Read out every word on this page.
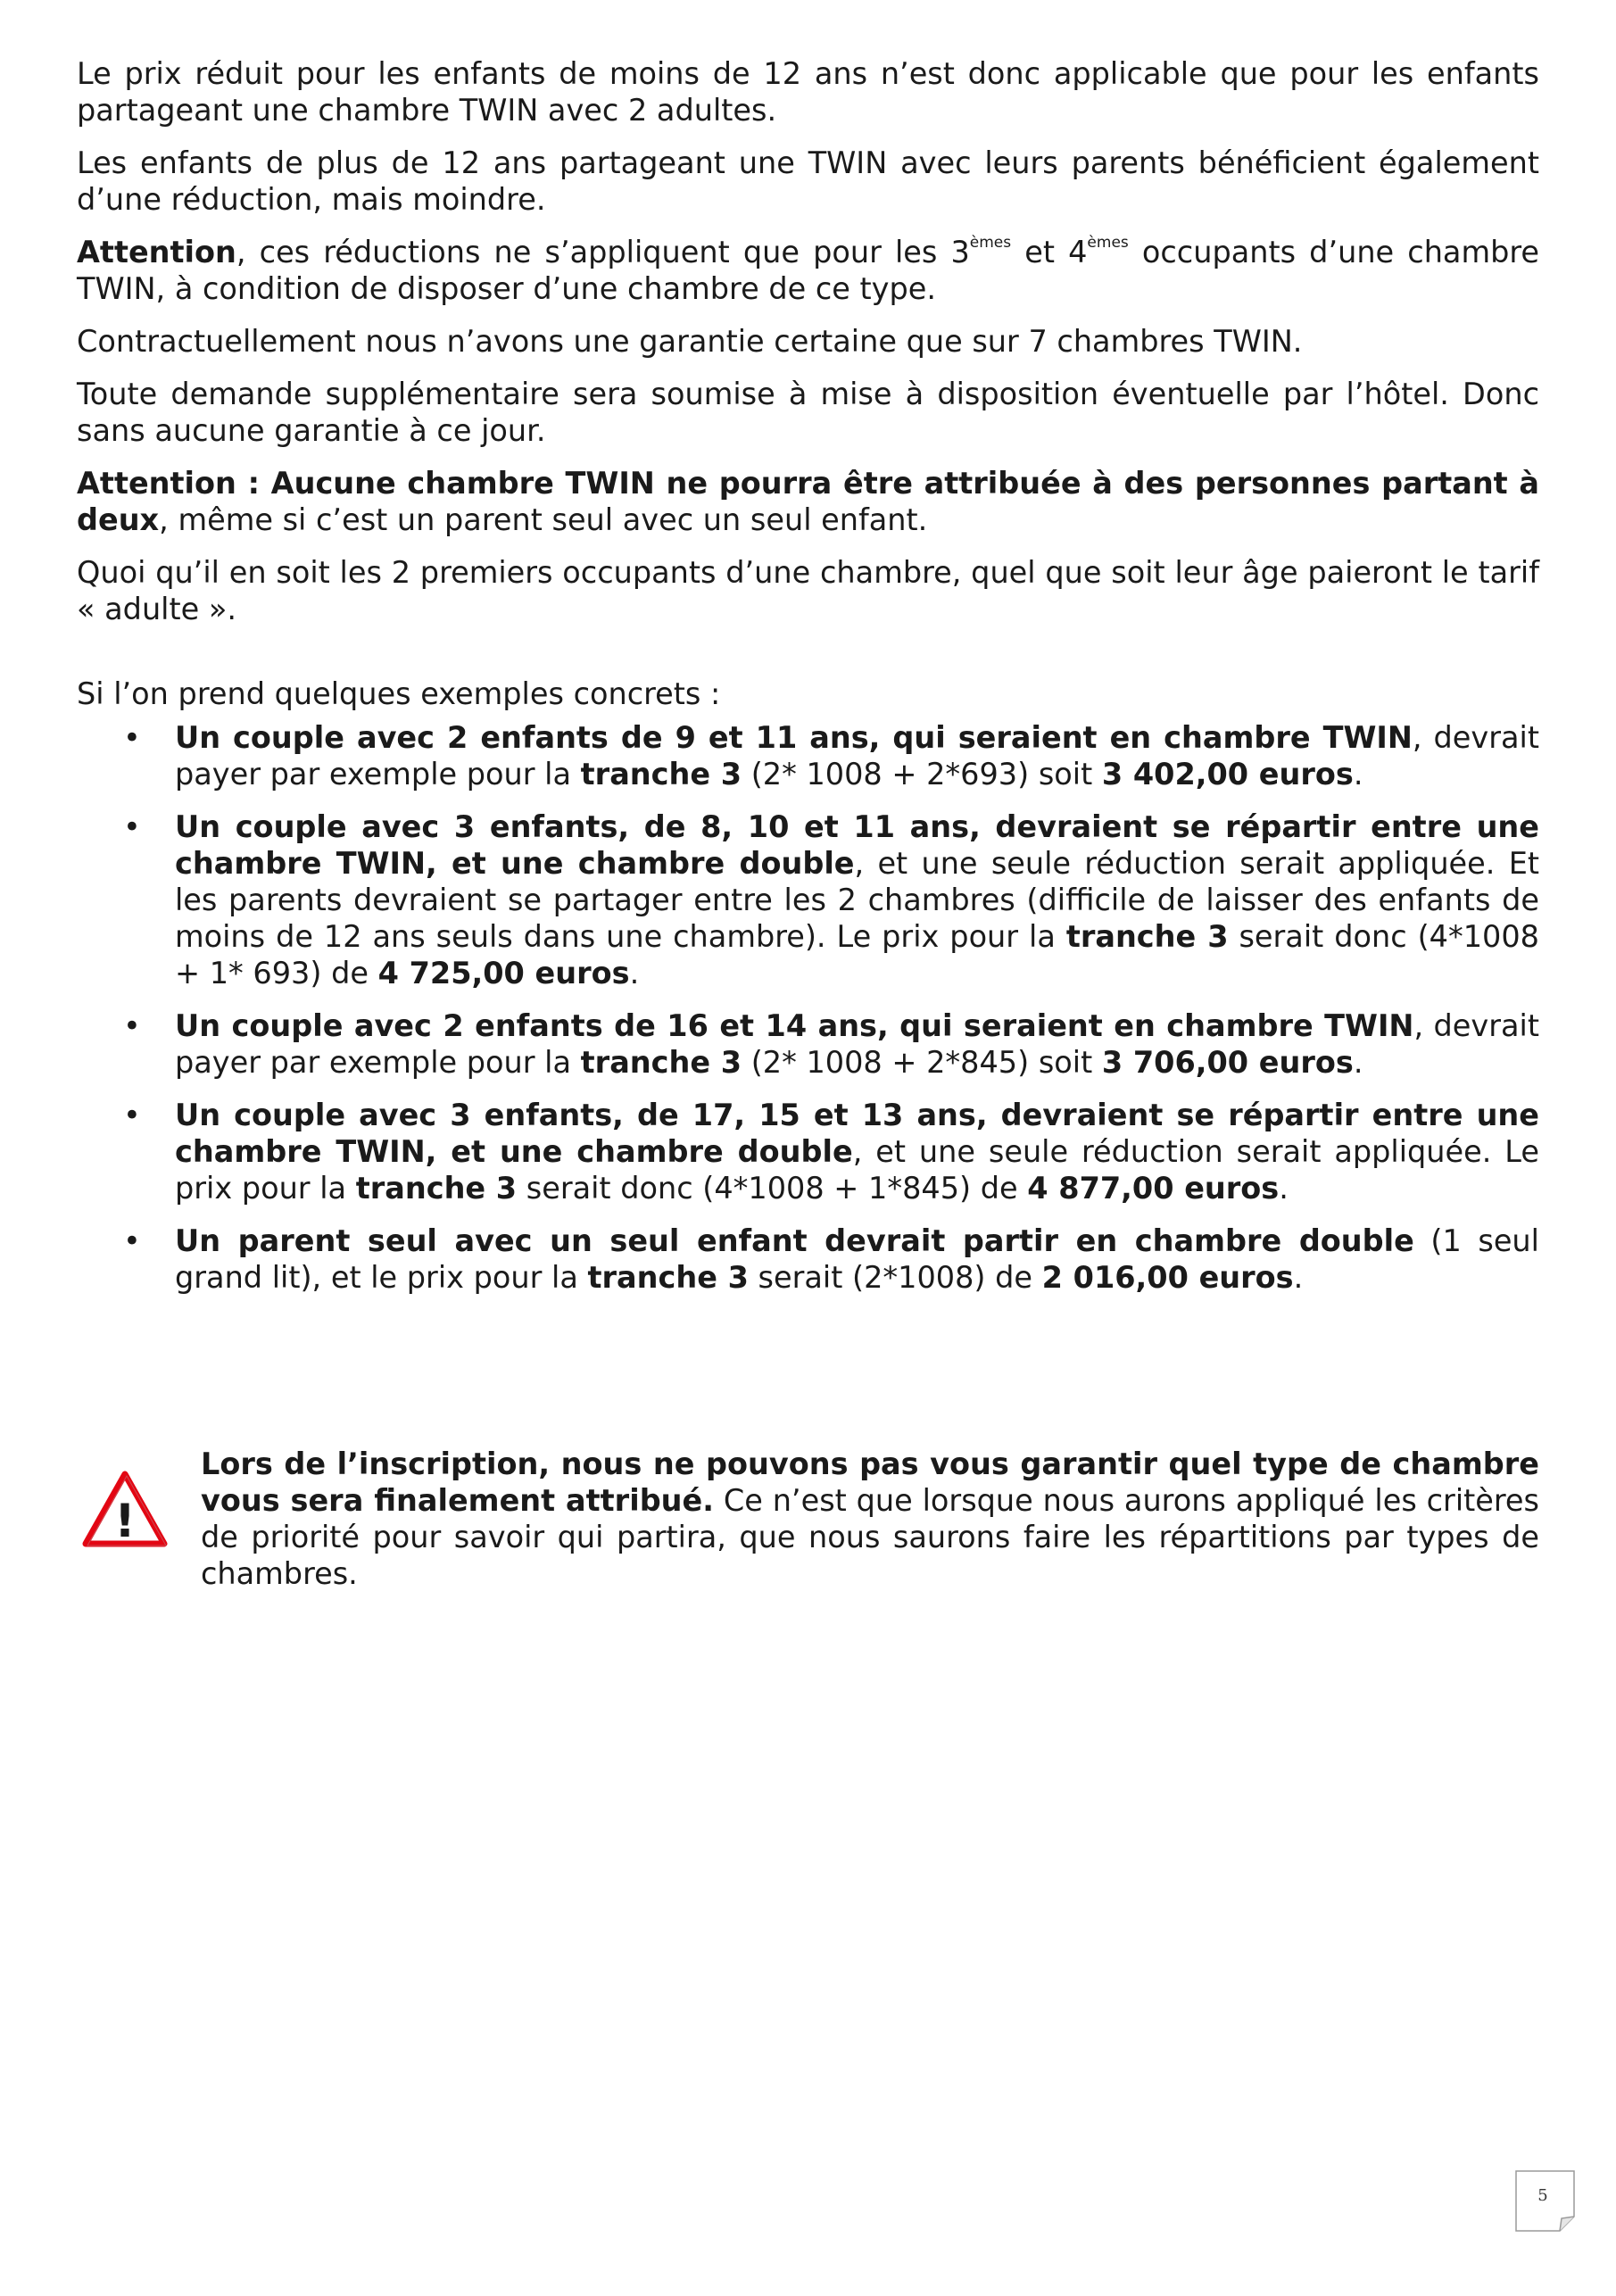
Le prix réduit pour les enfants de moins de 12 ans n’est donc applicable que pour les enfants partageant une chambre TWIN avec 2 adultes.

Les enfants de plus de 12 ans partageant une TWIN avec leurs parents bénéficient également d’une réduction, mais moindre.

Attention, ces réductions ne s’appliquent que pour les 3èmes et 4èmes occupants d’une chambre TWIN, à condition de disposer d’une chambre de ce type.

Contractuellement nous n’avons une garantie certaine que sur 7 chambres TWIN.

Toute demande supplémentaire sera soumise à mise à disposition éventuelle par l’hôtel. Donc sans aucune garantie à ce jour.

Attention : Aucune chambre TWIN ne pourra être attribuée à des personnes partant à deux, même si c’est un parent seul avec un seul enfant.

Quoi qu’il en soit les 2 premiers occupants d’une chambre, quel que soit leur âge paieront le tarif « adulte ».

Si l’on prend quelques exemples concrets :

• Un couple avec 2 enfants de 9 et 11 ans, qui seraient en chambre TWIN, devrait payer par exemple pour la tranche 3 (2* 1008 + 2*693) soit 3 402,00 euros.
• Un couple avec 3 enfants, de 8, 10 et 11 ans, devraient se répartir entre une chambre TWIN, et une chambre double, et une seule réduction serait appliquée. Et les parents devraient se partager entre les 2 chambres (difficile de laisser des enfants de moins de 12 ans seuls dans une chambre). Le prix pour la tranche 3 serait donc (4*1008 + 1* 693) de 4 725,00 euros.
• Un couple avec 2 enfants de 16 et 14 ans, qui seraient en chambre TWIN, devrait payer par exemple pour la tranche 3 (2* 1008 + 2*845) soit 3 706,00 euros.
• Un couple avec 3 enfants, de 17, 15 et 13 ans, devraient se répartir entre une chambre TWIN, et une chambre double, et une seule réduction serait appliquée. Le prix pour la tranche 3 serait donc (4*1008 + 1*845) de 4 877,00 euros.
• Un parent seul avec un seul enfant devrait partir en chambre double (1 seul grand lit), et le prix pour la tranche 3 serait (2*1008) de 2 016,00 euros.
!

Lors de l’inscription, nous ne pouvons pas vous garantir quel type de chambre vous sera finalement attribué. Ce n’est que lorsque nous aurons appliqué les critères de priorité pour savoir qui partira, que nous saurons faire les répartitions par types de chambres.

5
